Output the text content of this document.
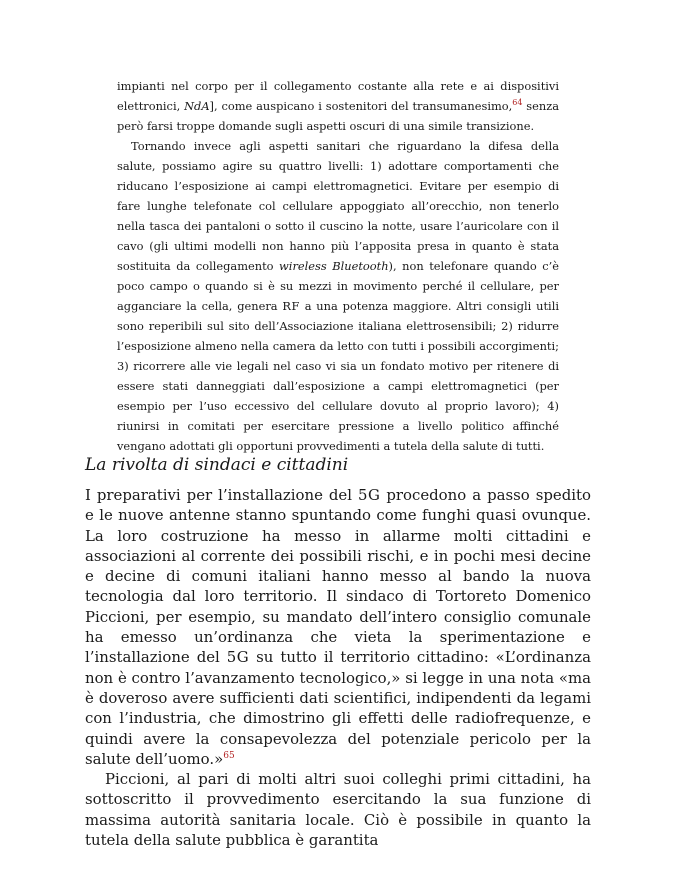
impianti nel corpo per il collegamento costante alla rete e ai dispositivi elettronici, NdA], come auspicano i sostenitori del transumanesimo,$^{64}$ senza però farsi troppe domande sugli aspetti oscuri di una simile transizione.

Tornando invece agli aspetti sanitari che riguardano la difesa della salute, possiamo agire su quattro livelli: 1) adottare comportamenti che riducano l’esposizione ai campi elettromagnetici. Evitare per esempio di fare lunghe telefonate col cellulare appoggiato all’orecchio, non tenerlo nella tasca dei pantaloni o sotto il cuscino la notte, usare l’auricolare con il cavo (gli ultimi modelli non hanno più l’apposita presa in quanto è stata sostituita da collegamento wireless Bluetooth), non telefonare quando c’è poco campo o quando si è su mezzi in movimento perché il cellulare, per agganciare la cella, genera RF a una potenza maggiore. Altri consigli utili sono reperibili sul sito dell’Associazione italiana elettrosensibili; 2) ridurre l’esposizione almeno nella camera da letto con tutti i possibili accorgimenti; 3) ricorrere alle vie legali nel caso vi sia un fondato motivo per ritenere di essere stati danneggiati dall’esposizione a campi elettromagnetici (per esempio per l’uso eccessivo del cellulare dovuto al proprio lavoro); 4) riunirsi in comitati per esercitare pressione a livello politico affinché vengano adottati gli opportuni provvedimenti a tutela della salute di tutti.

La rivolta di sindaci e cittadini

I preparativi per l’installazione del 5G procedono a passo spedito e le nuove antenne stanno spuntando come funghi quasi ovunque. La loro costruzione ha messo in allarme molti cittadini e associazioni al corrente dei possibili rischi, e in pochi mesi decine e decine di comuni italiani hanno messo al bando la nuova tecnologia dal loro territorio. Il sindaco di Tortoreto Domenico Piccioni, per esempio, su mandato dell’intero consiglio comunale ha emesso un’ordinanza che vieta la sperimentazione e l’installazione del 5G su tutto il territorio cittadino: «L’ordinanza non è contro l’avanzamento tecnologico,» si legge in una nota «ma è doveroso avere sufficienti dati scientifici, indipendenti da legami con l’industria, che dimostrino gli effetti delle radiofrequenze, e quindi avere la consapevolezza del potenziale pericolo per la salute dell’uomo.»$^{65}$

Piccioni, al pari di molti altri suoi colleghi primi cittadini, ha sottoscritto il provvedimento esercitando la sua funzione di massima autorità sanitaria locale. Ciò è possibile in quanto la tutela della salute pubblica è garantita
